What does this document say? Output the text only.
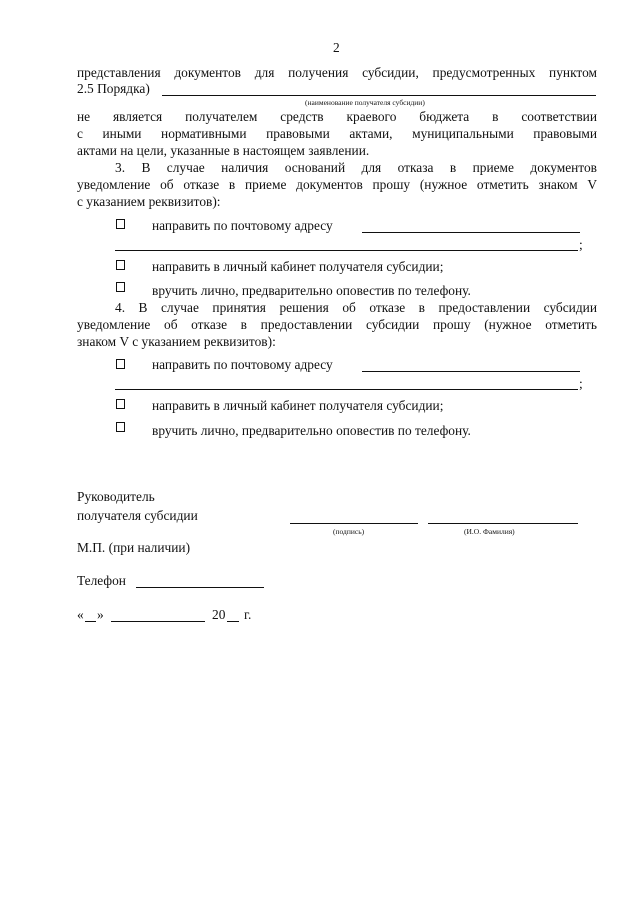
2
представления документов для получения субсидии, предусмотренных пунктом
2.5 Порядка)
(наименование получателя субсидии)
не является получателем средств краевого бюджета в соответствии
с иными нормативными правовыми актами, муниципальными правовыми
актами на цели, указанные в настоящем заявлении.
3. В случае наличия оснований для отказа в приеме документов
уведомление об отказе в приеме документов прошу (нужное отметить знаком V
с указанием реквизитов):
направить по почтовому адресу
;
направить в личный кабинет получателя субсидии;
вручить лично, предварительно оповестив по телефону.
4. В случае принятия решения об отказе в предоставлении субсидии
уведомление об отказе в предоставлении субсидии прошу (нужное отметить
знаком V с указанием реквизитов):
направить по почтовому адресу
;
направить в личный кабинет получателя субсидии;
вручить лично, предварительно оповестив по телефону.
Руководитель
получателя субсидии
(подпись)	(И.О. Фамилия)
М.П. (при наличии)
Телефон
« »	20 г.
